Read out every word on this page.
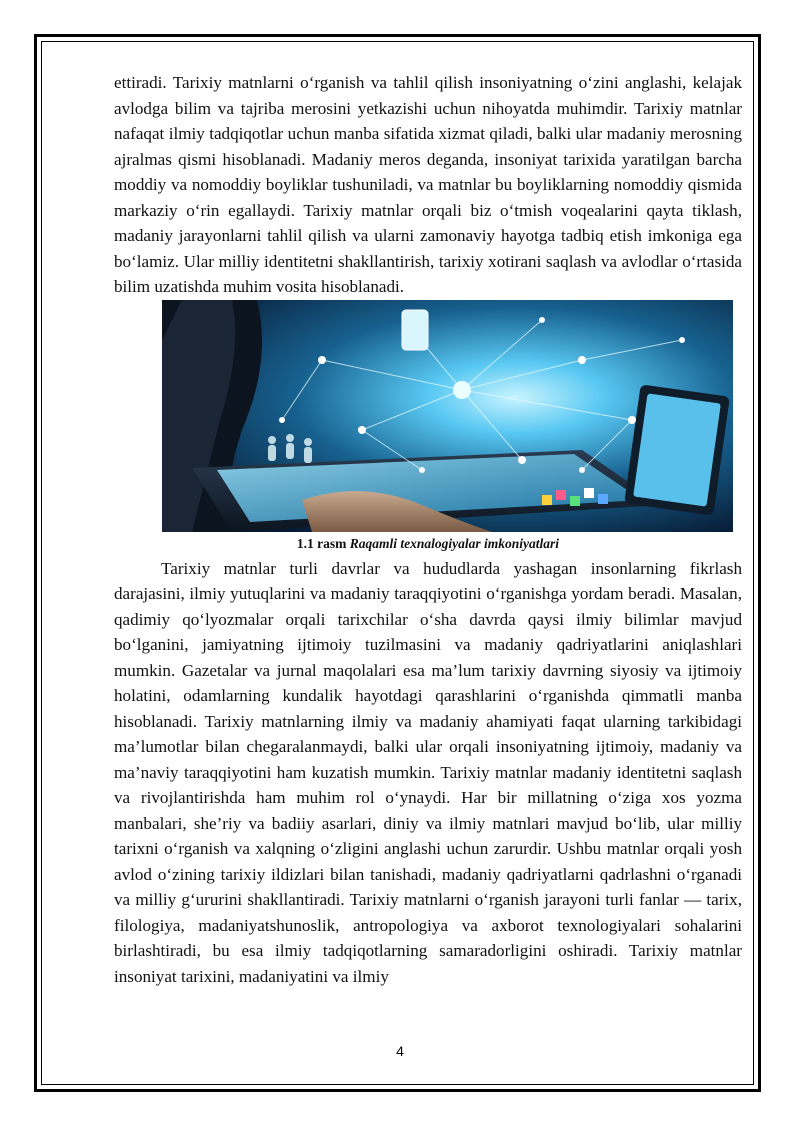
ettiradi. Tarixiy matnlarni o‘rganish va tahlil qilish insoniyatning o‘zini anglashi, kelajak avlodga bilim va tajriba merosini yetkazishi uchun nihoyatda muhimdir. Tarixiy matnlar nafaqat ilmiy tadqiqotlar uchun manba sifatida xizmat qiladi, balki ular madaniy merosning ajralmas qismi hisoblanadi. Madaniy meros deganda, insoniyat tarixida yaratilgan barcha moddiy va nomoddiy boyliklar tushuniladi, va matnlar bu boyliklarning nomoddiy qismida markaziy o‘rin egallaydi. Tarixiy matnlar orqali biz o‘tmish voqealarini qayta tiklash, madaniy jarayonlarni tahlil qilish va ularni zamonaviy hayotga tadbiq etish imkoniga ega bo‘lamiz. Ular milliy identitetni shakllantirish, tarixiy xotirani saqlash va avlodlar o‘rtasida bilim uzatishda muhim vosita hisoblanadi.

1.1 rasm Raqamli texnalogiyalar imkoniyatlari

Tarixiy matnlar turli davrlar va hududlarda yashagan insonlarning fikrlash darajasini, ilmiy yutuqlarini va madaniy taraqqiyotini o‘rganishga yordam beradi. Masalan, qadimiy qo‘lyozmalar orqali tarixchilar o‘sha davrda qaysi ilmiy bilimlar mavjud bo‘lganini, jamiyatning ijtimoiy tuzilmasini va madaniy qadriyatlarini aniqlashlari mumkin. Gazetalar va jurnal maqolalari esa ma’lum tarixiy davrning siyosiy va ijtimoiy holatini, odamlarning kundalik hayotdagi qarashlarini o‘rganishda qimmatli manba hisoblanadi. Tarixiy matnlarning ilmiy va madaniy ahamiyati faqat ularning tarkibidagi ma’lumotlar bilan chegaralanmaydi, balki ular orqali insoniyatning ijtimoiy, madaniy va ma’naviy taraqqiyotini ham kuzatish mumkin. Tarixiy matnlar madaniy identitetni saqlash va rivojlantirishda ham muhim rol o‘ynaydi. Har bir millatning o‘ziga xos yozma manbalari, she’riy va badiiy asarlari, diniy va ilmiy matnlari mavjud bo‘lib, ular milliy tarixni o‘rganish va xalqning o‘zligini anglashi uchun zarurdir. Ushbu matnlar orqali yosh avlod o‘zining tarixiy ildizlari bilan tanishadi, madaniy qadriyatlarni qadrlashni o‘rganadi va milliy g‘ururini shakllantiradi. Tarixiy matnlarni o‘rganish jarayoni turli fanlar — tarix, filologiya, madaniyatshunoslik, antropologiya va axborot texnologiyalari sohalarini birlashtiradi, bu esa ilmiy tadqiqotlarning samaradorligini oshiradi. Tarixiy matnlar insoniyat tarixini, madaniyatini va ilmiy

4
